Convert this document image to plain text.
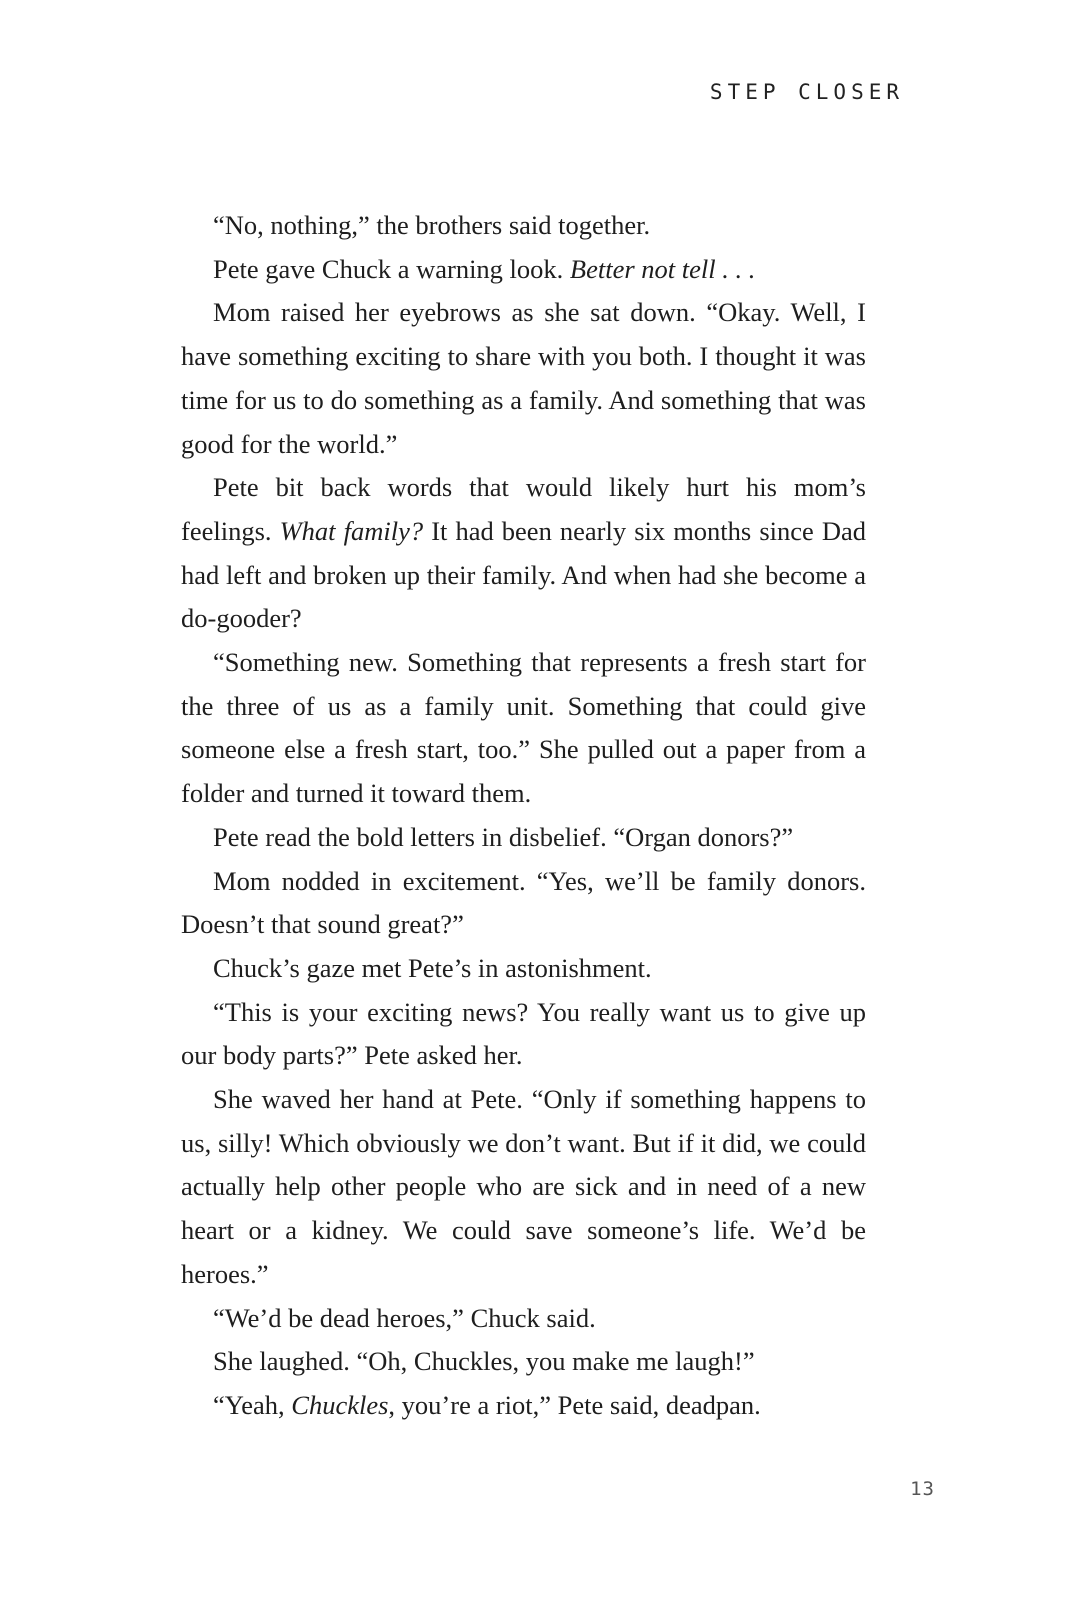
STEP CLOSER

“No, nothing,” the brothers said together.

Pete gave Chuck a warning look. Better not tell . . .

Mom raised her eyebrows as she sat down. “Okay. Well, I have something exciting to share with you both. I thought it was time for us to do something as a family. And something that was good for the world.”

Pete bit back words that would likely hurt his mom’s feelings. What family? It had been nearly six months since Dad had left and broken up their family. And when had she become a do-gooder?

“Something new. Something that represents a fresh start for the three of us as a family unit. Something that could give someone else a fresh start, too.” She pulled out a paper from a folder and turned it toward them.

Pete read the bold letters in disbelief. “Organ donors?”

Mom nodded in excitement. “Yes, we’ll be family donors. Doesn’t that sound great?”

Chuck’s gaze met Pete’s in astonishment.

“This is your exciting news? You really want us to give up our body parts?” Pete asked her.

She waved her hand at Pete. “Only if something happens to us, silly! Which obviously we don’t want. But if it did, we could actually help other people who are sick and in need of a new heart or a kidney. We could save someone’s life. We’d be heroes.”

“We’d be dead heroes,” Chuck said.

She laughed. “Oh, Chuckles, you make me laugh!”

“Yeah, Chuckles, you’re a riot,” Pete said, deadpan.

13
